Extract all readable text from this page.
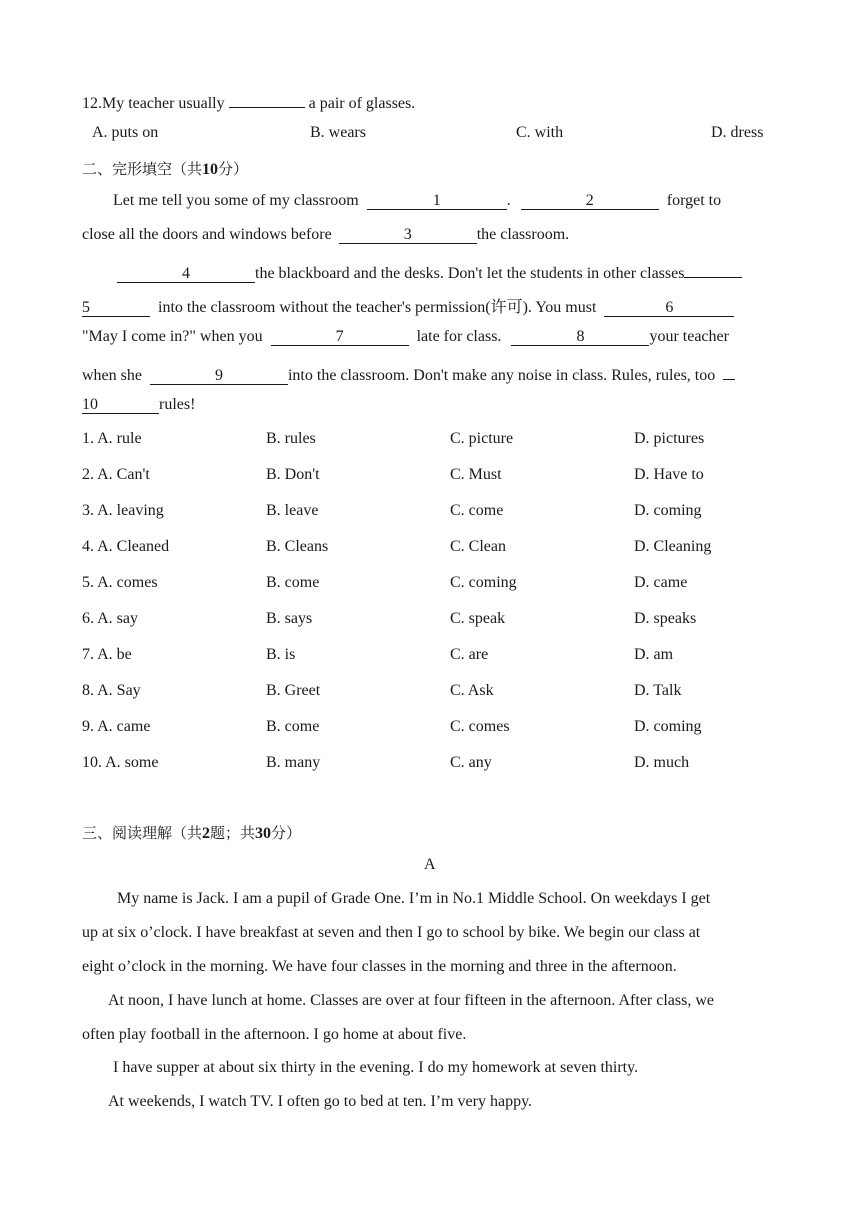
12.My teacher usually	a pair of glasses.
A. puts on	B. wears	C. with	D. dress
二、完形填空（共10分）
Let me tell you some of my classroom	1	.	2	forget to
close all the doors and windows before	3	the classroom.
4	the blackboard and the desks. Don't let the students in other classes
5	into the classroom without the teacher's permission(许可). You must	6
"May I come in?" when you	7	late for class.	8	your teacher
when she	9	into the classroom. Don't make any noise in class. Rules, rules, too
10	rules!
1. A. rule	B. rules	C. picture	D. pictures
2. A. Can't	B. Don't	C. Must	D. Have to
3. A. leaving	B. leave	C. come	D. coming
4. A. Cleaned	B. Cleans	C. Clean	D. Cleaning
5. A. comes	B. come	C. coming	D. came
6. A. say	B. says	C. speak	D. speaks
7. A. be	B. is	C. are	D. am
8. A. Say	B. Greet	C. Ask	D. Talk
9. A. came	B. come	C. comes	D. coming
10. A. some	B. many	C. any	D. much
三、阅读理解（共2题；共30分）
A
My name is Jack. I am a pupil of Grade One. I’m in No.1 Middle School. On weekdays I get
up at six o’clock. I have breakfast at seven and then I go to school by bike. We begin our class at
eight o’clock in the morning. We have four classes in the morning and three in the afternoon.
At noon, I have lunch at home. Classes are over at four fifteen in the afternoon. After class, we
often play football in the afternoon. I go home at about five.
I have supper at about six thirty in the evening. I do my homework at seven thirty.
At weekends, I watch TV. I often go to bed at ten. I’m very happy.
